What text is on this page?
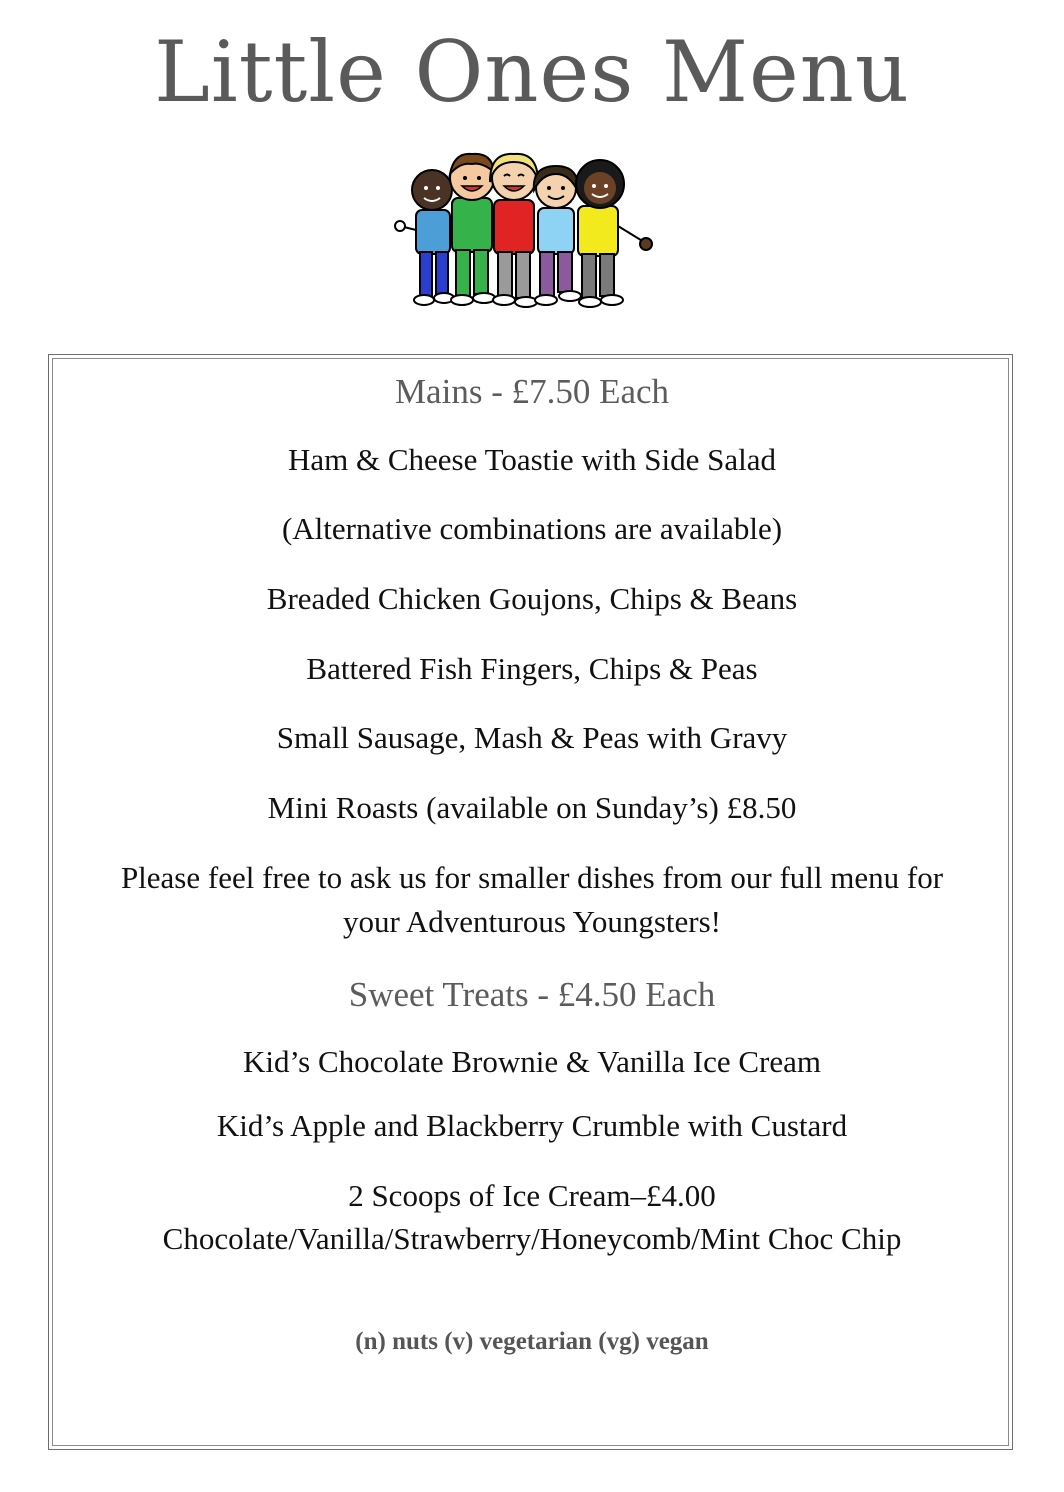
Little Ones Menu
Mains - £7.50 Each
Ham & Cheese Toastie with Side Salad
(Alternative combinations are available)
Breaded Chicken Goujons, Chips & Beans
Battered Fish Fingers, Chips & Peas
Small Sausage, Mash & Peas with Gravy
Mini Roasts (available on Sunday’s) £8.50
Please feel free to ask us for smaller dishes from our full menu for
your Adventurous Youngsters!
Sweet Treats - £4.50 Each
Kid’s Chocolate Brownie & Vanilla Ice Cream
Kid’s Apple and Blackberry Crumble with Custard
2 Scoops of Ice Cream–£4.00
Chocolate/Vanilla/Strawberry/Honeycomb/Mint Choc Chip
(n) nuts (v) vegetarian (vg) vegan
